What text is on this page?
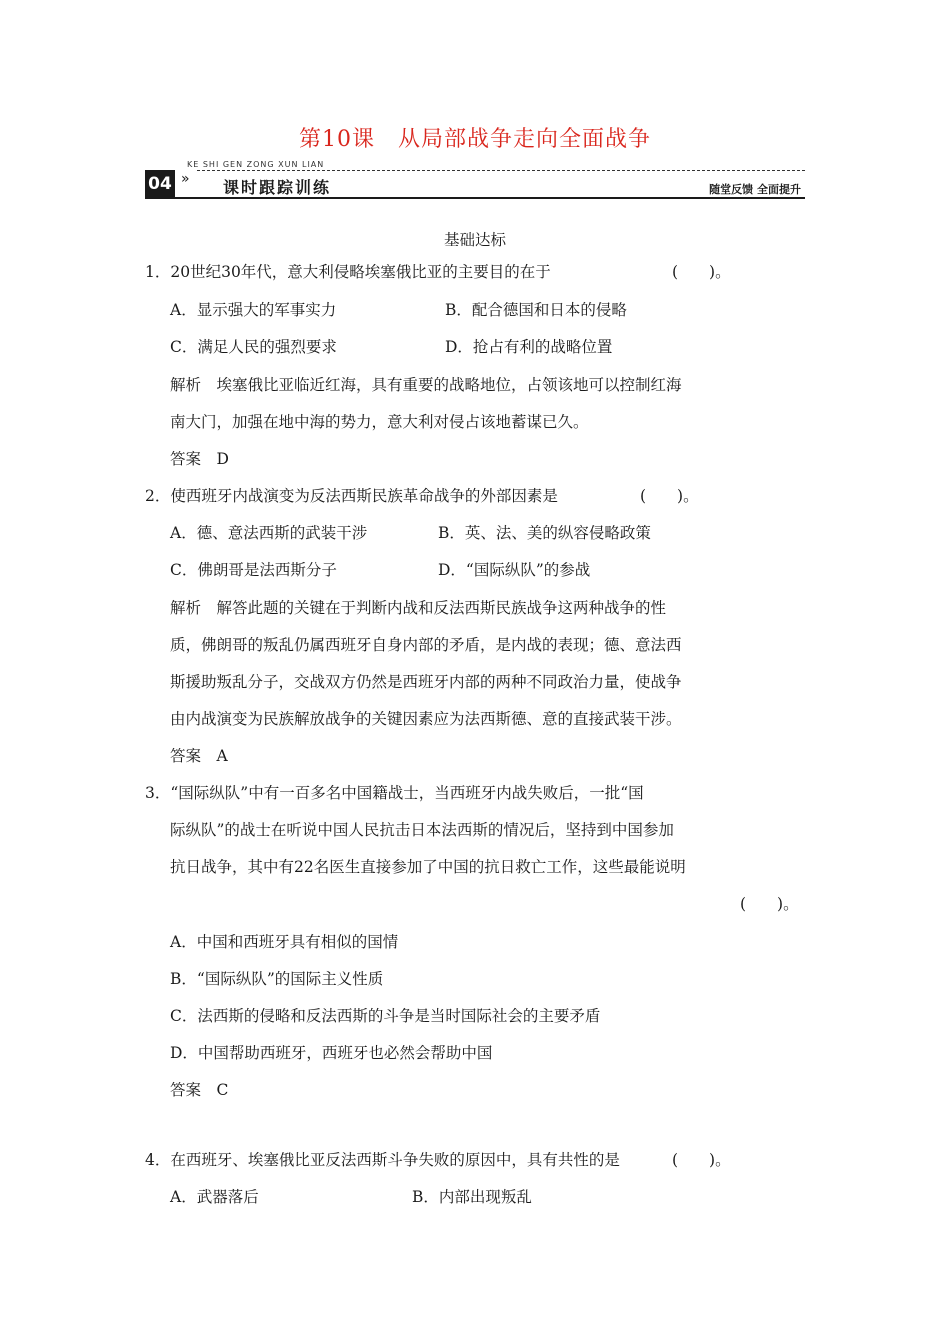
第10课　从局部战争走向全面战争
KE SHI GEN ZONG XUN LIAN
04 » 课时跟踪训练	随堂反馈 全面提升
基础达标
1．20世纪30年代，意大利侵略埃塞俄比亚的主要目的在于	(　　)。
A．显示强大的军事实力	B．配合德国和日本的侵略
C．满足人民的强烈要求	D．抢占有利的战略位置
解析　埃塞俄比亚临近红海，具有重要的战略地位，占领该地可以控制红海
南大门，加强在地中海的势力，意大利对侵占该地蓄谋已久。
答案　D
2．使西班牙内战演变为反法西斯民族革命战争的外部因素是	(　　)。
A．德、意法西斯的武装干涉	B．英、法、美的纵容侵略政策
C．佛朗哥是法西斯分子	D．“国际纵队”的参战
解析　解答此题的关键在于判断内战和反法西斯民族战争这两种战争的性
质，佛朗哥的叛乱仍属西班牙自身内部的矛盾，是内战的表现；德、意法西
斯援助叛乱分子，交战双方仍然是西班牙内部的两种不同政治力量，使战争
由内战演变为民族解放战争的关键因素应为法西斯德、意的直接武装干涉。
答案　A
3．“国际纵队”中有一百多名中国籍战士，当西班牙内战失败后，一批“国
际纵队”的战士在听说中国人民抗击日本法西斯的情况后，坚持到中国参加
抗日战争，其中有22名医生直接参加了中国的抗日救亡工作，这些最能说明
(　　)。
A．中国和西班牙具有相似的国情
B．“国际纵队”的国际主义性质
C．法西斯的侵略和反法西斯的斗争是当时国际社会的主要矛盾
D．中国帮助西班牙，西班牙也必然会帮助中国
答案　C
4．在西班牙、埃塞俄比亚反法西斯斗争失败的原因中，具有共性的是	(　　)。
A．武器落后	B．内部出现叛乱
